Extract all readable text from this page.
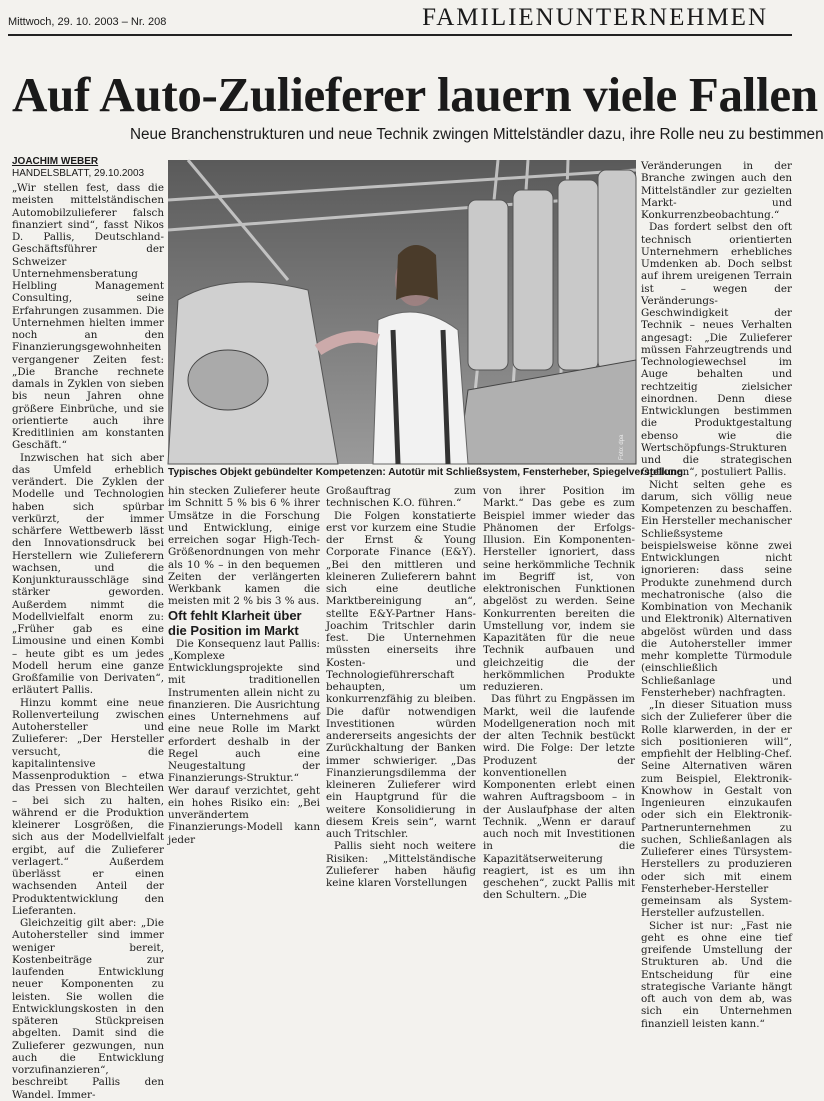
Mittwoch, 29. 10. 2003 – Nr. 208	FAMILIENUNTERNEHMEN
Auf Auto-Zulieferer lauern viele Fallen
Neue Branchenstrukturen und neue Technik zwingen Mittelständler dazu, ihre Rolle neu zu bestimmen
JOACHIM WEBER
HANDELSBLATT, 29.10.2003

„Wir stellen fest, dass die meisten mittelständischen Automobilzulieferer falsch finanziert sind“, fasst Nikos D. Pallis, Deutschland-Geschäftsführer der Schweizer Unternehmensberatung Helbling Management Consulting, seine Erfahrungen zusammen. Die Unternehmen hielten immer noch an den Finanzierungsgewohnheiten vergangener Zeiten fest: „Die Branche rechnete damals in Zyklen von sieben bis neun Jahren ohne größere Einbrüche, und sie orientierte auch ihre Kreditlinien am konstanten Geschäft.“

Inzwischen hat sich aber das Umfeld erheblich verändert. Die Zyklen der Modelle und Technologien haben sich spürbar verkürzt, der immer schärfere Wettbewerb lässt den Innovationsdruck bei Herstellern wie Zulieferern wachsen, und die Konjunkturausschläge sind stärker geworden. Außerdem nimmt die Modellvielfalt enorm zu: „Früher gab es eine Limousine und einen Kombi – heute gibt es um jedes Modell herum eine ganze Großfamilie von Derivaten“, erläutert Pallis.

Hinzu kommt eine neue Rollenverteilung zwischen Autohersteller und Zulieferer: „Der Hersteller versucht, die kapitalintensive Massenproduktion – etwa das Pressen von Blechteilen – bei sich zu halten, während er die Produktion kleinerer Losgrößen, die sich aus der Modellvielfalt ergibt, auf die Zulieferer verlagert.“ Außerdem überlässt er einen wachsenden Anteil der Produktentwicklung den Lieferanten.

Gleichzeitig gilt aber: „Die Autohersteller sind immer weniger bereit, Kostenbeiträge zur laufenden Entwicklung neuer Komponenten zu leisten. Sie wollen die Entwicklungskosten in den späteren Stückpreisen abgelten. Damit sind die Zulieferer gezwungen, nun auch die Entwicklung vorzufinanzieren“, beschreibt Pallis den Wandel. Immer-

Foto: dpa
Typisches Objekt gebündelter Kompetenzen: Autotür mit Schließsystem, Fensterheber, Spiegelverstellung.

hin stecken Zulieferer heute im Schnitt 5 % bis 6 % ihrer Umsätze in die Forschung und Entwicklung, einige erreichen sogar High-Tech-Größenordnungen von mehr als 10 % – in den bequemen Zeiten der verlängerten Werkbank kamen die meisten mit 2 % bis 3 % aus.

Oft fehlt Klarheit über die Position im Markt

Die Konsequenz laut Pallis: „Komplexe Entwicklungsprojekte sind mit traditionellen Instrumenten allein nicht zu finanzieren. Die Ausrichtung eines Unternehmens auf eine neue Rolle im Markt erfordert deshalb in der Regel auch eine Neugestaltung der Finanzierungs-Struktur.“ Wer darauf verzichtet, geht ein hohes Risiko ein: „Bei unverändertem Finanzierungs-Modell kann jeder

Großauftrag zum technischen K.O. führen.“

Die Folgen konstatierte erst vor kurzem eine Studie der Ernst & Young Corporate Finance (E&Y). „Bei den mittleren und kleineren Zulieferern bahnt sich eine deutliche Marktbereinigung an“, stellte E&Y-Partner Hans-Joachim Tritschler darin fest. Die Unternehmen müssten einerseits ihre Kosten- und Technologieführerschaft behaupten, um konkurrenzfähig zu bleiben. Die dafür notwendigen Investitionen würden andererseits angesichts der Zurückhaltung der Banken immer schwieriger. „Das Finanzierungsdilemma der kleineren Zulieferer wird ein Hauptgrund für die weitere Konsolidierung in diesem Kreis sein“, warnt auch Tritschler.

Pallis sieht noch weitere Risiken: „Mittelständische Zulieferer haben häufig keine klaren Vorstellungen

von ihrer Position im Markt.“ Das gebe es zum Beispiel immer wieder das Phänomen der Erfolgs-Illusion. Ein Komponenten-Hersteller ignoriert, dass seine herkömmliche Technik im Begriff ist, von elektronischen Funktionen abgelöst zu werden. Seine Konkurrenten bereiten die Umstellung vor, indem sie Kapazitäten für die neue Technik aufbauen und gleichzeitig die der herkömmlichen Produkte reduzieren.

Das führt zu Engpässen im Markt, weil die laufende Modellgeneration noch mit der alten Technik bestückt wird. Die Folge: Der letzte Produzent der konventionellen Komponenten erlebt einen wahren Auftragsboom – in der Auslaufphase der alten Technik. „Wenn er darauf auch noch mit Investitionen in die Kapazitätserweiterung reagiert, ist es um ihn geschehen“, zuckt Pallis mit den Schultern. „Die

Veränderungen in der Branche zwingen auch den Mittelständler zur gezielten Markt- und Konkurrenzbeobachtung.“

Das fordert selbst den oft technisch orientierten Unternehmern erhebliches Umdenken ab. Doch selbst auf ihrem ureigenen Terrain ist – wegen der Veränderungs-Geschwindigkeit der Technik – neues Verhalten angesagt: „Die Zulieferer müssen Fahrzeugtrends und Technologiewechsel im Auge behalten und rechtzeitig zielsicher einordnen. Denn diese Entwicklungen bestimmen die Produktgestaltung ebenso wie die Wertschöpfungs-Strukturen und die strategischen Optionen“, postuliert Pallis.

Nicht selten gehe es darum, sich völlig neue Kompetenzen zu beschaffen. Ein Hersteller mechanischer Schließsysteme beispielsweise könne zwei Entwicklungen nicht ignorieren: dass seine Produkte zunehmend durch mechatronische (also die Kombination von Mechanik und Elektronik) Alternativen abgelöst würden und dass die Autohersteller immer mehr komplette Türmodule (einschließlich Schließanlage und Fensterheber) nachfragten.

„In dieser Situation muss sich der Zulieferer über die Rolle klarwerden, in der er sich positionieren will“, empfiehlt der Helbling-Chef. Seine Alternativen wären zum Beispiel, Elektronik-Knowhow in Gestalt von Ingenieuren einzukaufen oder sich ein Elektronik-Partnerunternehmen zu suchen, Schließanlagen als Zulieferer eines Türsystem-Herstellers zu produzieren oder sich mit einem Fensterheber-Hersteller gemeinsam als System-Hersteller aufzustellen.

Sicher ist nur: „Fast nie geht es ohne eine tief greifende Umstellung der Strukturen ab. Und die Entscheidung für eine strategische Variante hängt oft auch von dem ab, was sich ein Unternehmen finanziell leisten kann.“
